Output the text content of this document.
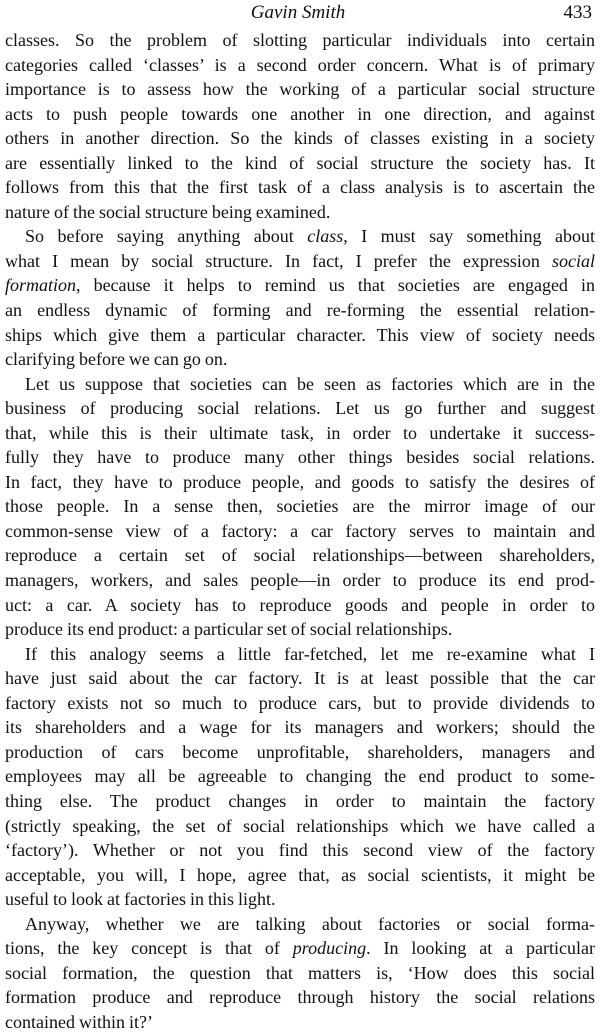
Gavin Smith	433
classes. So the problem of slotting particular individuals into certain
categories called ‘classes’ is a second order concern. What is of primary
importance is to assess how the working of a particular social structure
acts to push people towards one another in one direction, and against
others in another direction. So the kinds of classes existing in a society
are essentially linked to the kind of social structure the society has. It
follows from this that the first task of a class analysis is to ascertain the
nature of the social structure being examined.
So before saying anything about class, I must say something about
what I mean by social structure. In fact, I prefer the expression social
formation, because it helps to remind us that societies are engaged in
an endless dynamic of forming and re-forming the essential relation-
ships which give them a particular character. This view of society needs
clarifying before we can go on.
Let us suppose that societies can be seen as factories which are in the
business of producing social relations. Let us go further and suggest
that, while this is their ultimate task, in order to undertake it success-
fully they have to produce many other things besides social relations.
In fact, they have to produce people, and goods to satisfy the desires of
those people. In a sense then, societies are the mirror image of our
common-sense view of a factory: a car factory serves to maintain and
reproduce a certain set of social relationships—between shareholders,
managers, workers, and sales people—in order to produce its end prod-
uct: a car. A society has to reproduce goods and people in order to
produce its end product: a particular set of social relationships.
If this analogy seems a little far-fetched, let me re-examine what I
have just said about the car factory. It is at least possible that the car
factory exists not so much to produce cars, but to provide dividends to
its shareholders and a wage for its managers and workers; should the
production of cars become unprofitable, shareholders, managers and
employees may all be agreeable to changing the end product to some-
thing else. The product changes in order to maintain the factory
(strictly speaking, the set of social relationships which we have called a
‘factory’). Whether or not you find this second view of the factory
acceptable, you will, I hope, agree that, as social scientists, it might be
useful to look at factories in this light.
Anyway, whether we are talking about factories or social forma-
tions, the key concept is that of producing. In looking at a particular
social formation, the question that matters is, ‘How does this social
formation produce and reproduce through history the social relations
contained within it?’
